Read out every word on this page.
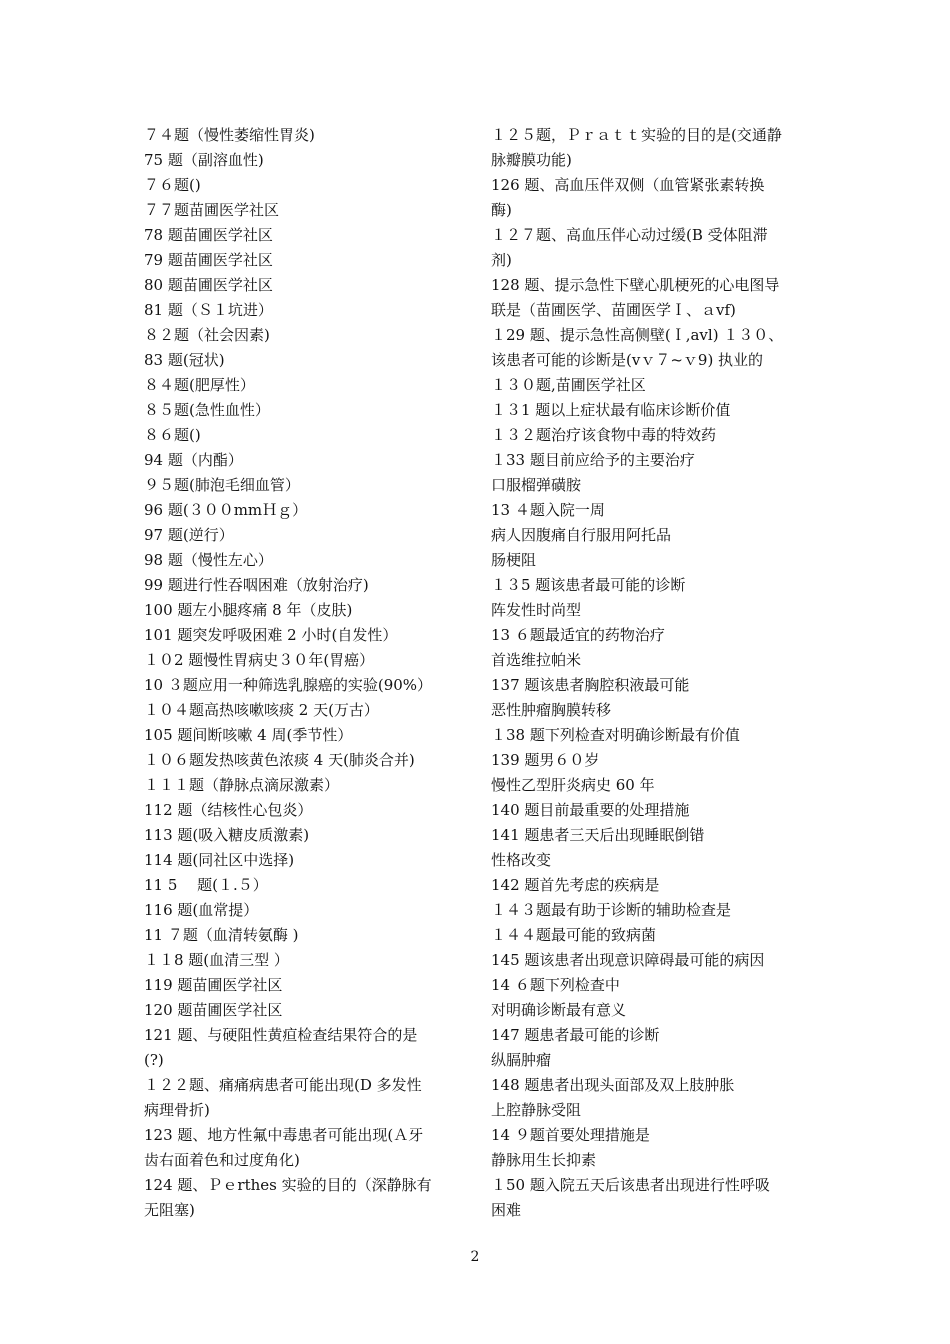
７４题（慢性萎缩性胃炎)
75 题（副溶血性)
７６题()
７７题苗圃医学社区
78 题苗圃医学社区
79 题苗圃医学社区
80 题苗圃医学社区
81 题（Ｓ１坑进）
８２题（社会因素)
83 题(冠状)
８４题(肥厚性）
８５题(急性血性）
８６题()
94 题（内酯）
９５题(肺泡毛细血管）
96 题(３００mmＨｇ）
97 题(逆行）
98 题（慢性左心）
99 题进行性吞咽困难（放射治疗)
100 题左小腿疼痛 8 年（皮肤)
101 题突发呼吸困难 2 小时(自发性）
１０2 题慢性胃病史３０年(胃癌）
10 ３题应用一种筛选乳腺癌的实验(90%）
１０４题高热咳嗽咳痰 2 天(万古）
105 题间断咳嗽 4 周(季节性）
１０６题发热咳黄色浓痰 4 天(肺炎合并)
１１１题（静脉点滴尿激素）
112 题（结核性心包炎）
113 题(吸入糖皮质激素)
114 题(同社区中选择)
11 5　 题(１.５）
116 题(血常提）
11 ７题（血清转氨酶 )
１１8 题(血清三型 ）
119 题苗圃医学社区
120 题苗圃医学社区
121 题、与硬阻性黄疸检查结果符合的是
(?)
１２２题、痛痛病患者可能出现(D 多发性
病理骨折)
123 题、地方性氟中毒患者可能出现(Ａ牙
齿右面着色和过度角化)
124 题、Ｐｅrthes 实验的目的（深静脉有
无阻塞)
１２５题，Ｐｒａｔｔ实验的目的是(交通静
脉瓣膜功能)
126 题、高血压伴双侧（血管紧张素转换
酶)
１２７题、高血压伴心动过缓(B 受体阻滞
剂)
128 题、提示急性下壁心肌梗死的心电图导
联是（苗圃医学、苗圃医学Ｉ、ａvf)
１29 题、提示急性高侧壁(Ｉ,avl) １３０、
该患者可能的诊断是(vｖ７~ｖ9) 执业的
１３０题,苗圃医学社区
１３1 题以上症状最有临床诊断价值
１３２题治疗该食物中毒的特效药
１33 题目前应给予的主要治疗
口服榴弹磺胺
13 ４题入院一周
病人因腹痛自行服用阿托品
肠梗阻
１３5 题该患者最可能的诊断
阵发性时尚型
13 ６题最适宜的药物治疗
首选维拉帕米
137 题该患者胸腔积液最可能
恶性肿瘤胸膜转移
１38 题下列检查对明确诊断最有价值
139 题男６０岁
慢性乙型肝炎病史 60 年
140 题目前最重要的处理措施
141 题患者三天后出现睡眠倒错
性格改变
142 题首先考虑的疾病是
１４３题最有助于诊断的辅助检查是
１４４题最可能的致病菌
145 题该患者出现意识障碍最可能的病因
14 ６题下列检查中
对明确诊断最有意义
147 题患者最可能的诊断
纵膈肿瘤
148 题患者出现头面部及双上肢肿胀
上腔静脉受阻
14 ９题首要处理措施是
静脉用生长抑素
１50 题入院五天后该患者出现进行性呼吸
困难
2
